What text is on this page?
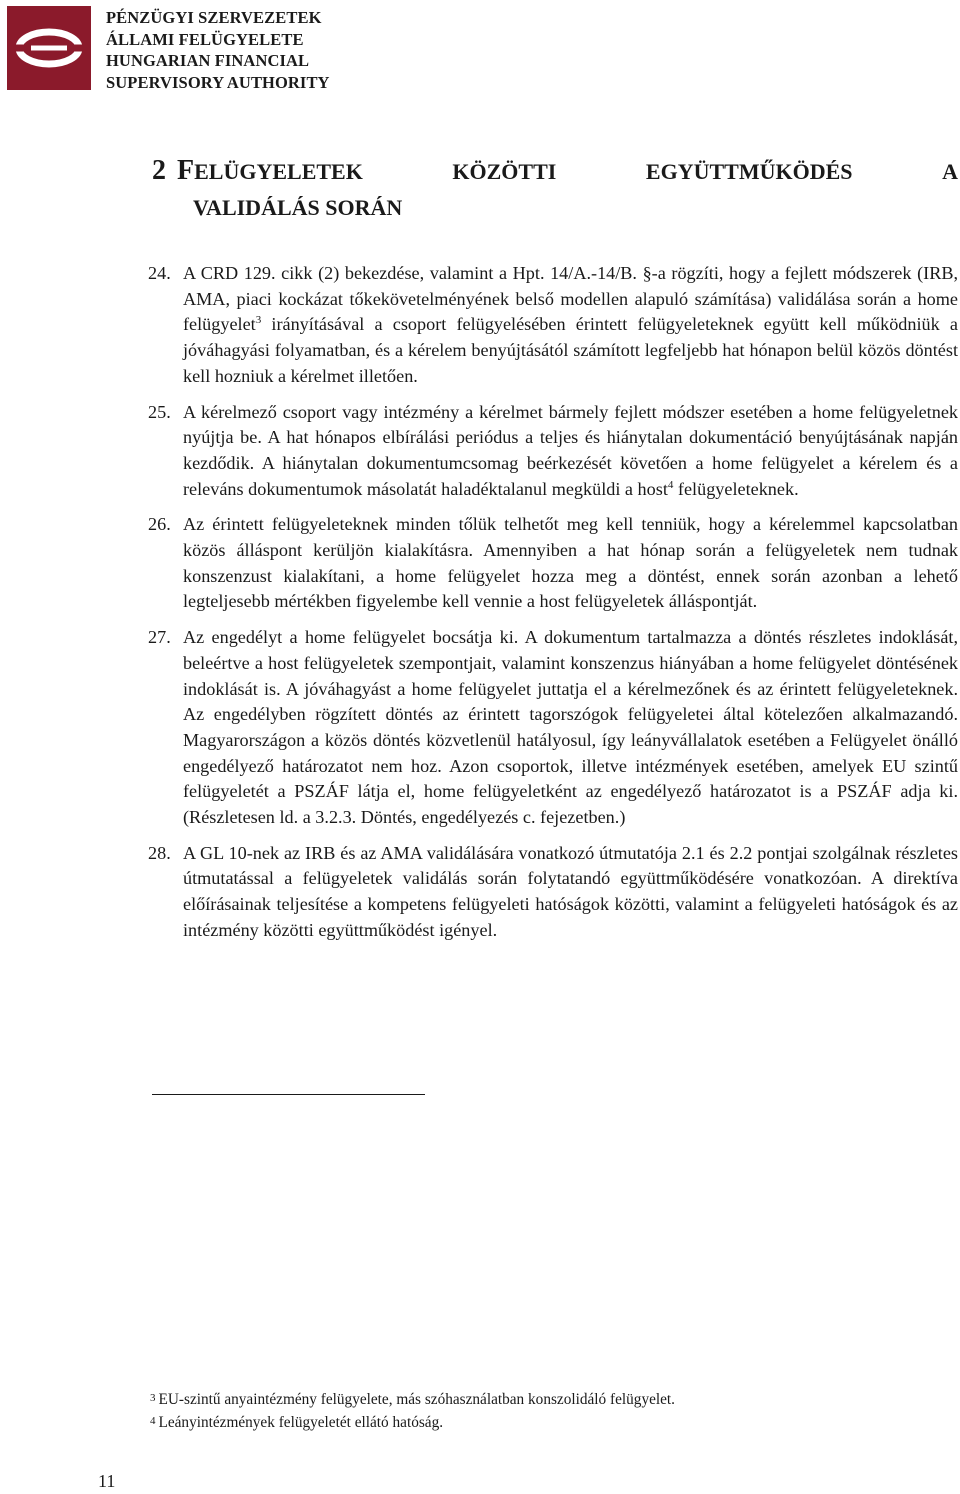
PÉNZÜGYI SZERVEZETEK
ÁLLAMI FELÜGYELETE
HUNGARIAN FINANCIAL
SUPERVISORY AUTHORITY
2 FELÜGYELETEK	KÖZÖTTI	EGYÜTTMŰKÖDÉS	A
VALIDÁLÁS SORÁN
24. A CRD 129. cikk (2) bekezdése, valamint a Hpt. 14/A.-14/B. §-a rögzíti, hogy a fejlett módszerek (IRB, AMA, piaci kockázat tőkekövetelményének belső modellen alapuló számítása) validálása során a home felügyelet$^3$ irányításával a csoport felügyelésében érintett felügyeleteknek együtt kell működniük a jóváhagyási folyamatban, és a kérelem benyújtásától számított legfeljebb hat hónapon belül közös döntést kell hozniuk a kérelmet illetően.
25. A kérelmező csoport vagy intézmény a kérelmet bármely fejlett módszer esetében a home felügyeletnek nyújtja be. A hat hónapos elbírálási periódus a teljes és hiánytalan dokumentáció benyújtásának napján kezdődik. A hiánytalan dokumentumcsomag beérkezését követően a home felügyelet a kérelem és a releváns dokumentumok másolatát haladéktalanul megküldi a host$^4$ felügyeleteknek.
26. Az érintett felügyeleteknek minden tőlük telhetőt meg kell tenniük, hogy a kérelemmel kapcsolatban közös álláspont kerüljön kialakításra. Amennyiben a hat hónap során a felügyeletek nem tudnak konszenzust kialakítani, a home felügyelet hozza meg a döntést, ennek során azonban a lehető legteljesebb mértékben figyelembe kell vennie a host felügyeletek álláspontját.
27. Az engedélyt a home felügyelet bocsátja ki. A dokumentum tartalmazza a döntés részletes indoklását, beleértve a host felügyeletek szempontjait, valamint konszenzus hiányában a home felügyelet döntésének indoklását is. A jóváhagyást a home felügyelet juttatja el a kérelmezőnek és az érintett felügyeleteknek. Az engedélyben rögzített döntés az érintett tagorszógok felügyeletei által kötelezően alkalmazandó. Magyarországon a közös döntés közvetlenül hatályosul, így leányvállalatok esetében a Felügyelet önálló engedélyező határozatot nem hoz. Azon csoportok, illetve intézmények esetében, amelyek EU szintű felügyeletét a PSZÁF látja el, home felügyeletként az engedélyező határozatot is a PSZÁF adja ki. (Részletesen ld. a 3.2.3. Döntés, engedélyezés c. fejezetben.)
28. A GL 10-nek az IRB és az AMA validálására vonatkozó útmutatója 2.1 és 2.2 pontjai szolgálnak részletes útmutatással a felügyeletek validálás során folytatandó együttműködésére vonatkozóan. A direktíva előírásainak teljesítése a kompetens felügyeleti hatóságok közötti, valamint a felügyeleti hatóságok és az intézmény közötti együttműködést igényel.
3 EU-szintű anyaintézmény felügyelete, más szóhasználatban konszolidáló felügyelet.
4 Leányintézmények felügyeletét ellátó hatóság.
11
